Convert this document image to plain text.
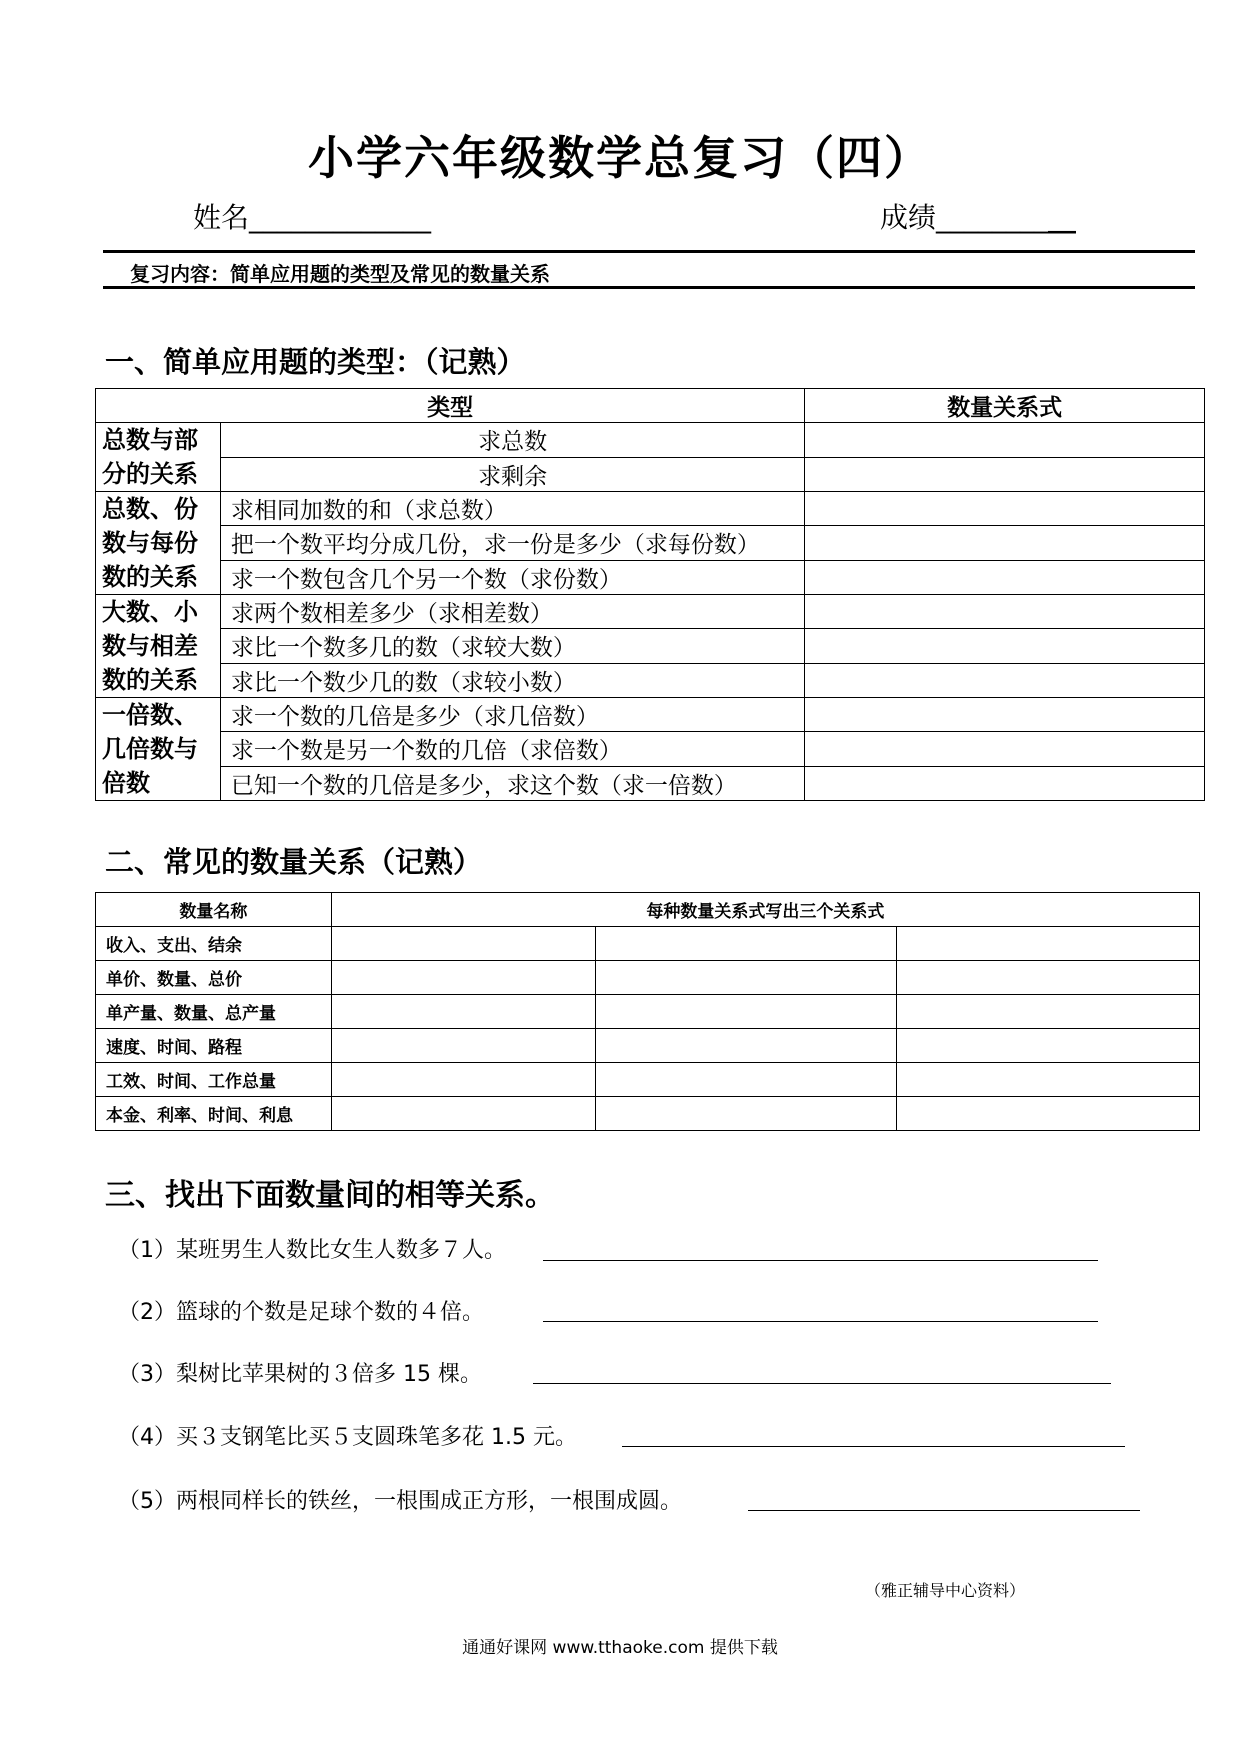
小学六年级数学总复习（四）
姓名_____________	成绩__________
复习内容：简单应用题的类型及常见的数量关系
一、简单应用题的类型：（记熟）
类型		数量关系式
总数与部分的关系	求总数	
	求剩余	
总数、份数与每份数的关系	求相同加数的和（求总数）	
	把一个数平均分成几份，求一份是多少（求每份数）	
	求一个数包含几个另一个数（求份数）	
大数、小数与相差数的关系	求两个数相差多少（求相差数）	
	求比一个数多几的数（求较大数）	
	求比一个数少几的数（求较小数）	
一倍数、几倍数与倍数	求一个数的几倍是多少（求几倍数）	
	求一个数是另一个数的几倍（求倍数）	
	已知一个数的几倍是多少，求这个数（求一倍数）	
二、常见的数量关系（记熟）
数量名称	每种数量关系式写出三个关系式		
收入、支出、结余			
单价、数量、总价			
单产量、数量、总产量			
速度、时间、路程			
工效、时间、工作总量			
本金、利率、时间、利息			
三、找出下面数量间的相等关系。
（1）某班男生人数比女生人数多７人。
（2）篮球的个数是足球个数的４倍。
（3）梨树比苹果树的３倍多 15 棵。
（4）买３支钢笔比买５支圆珠笔多花 1.5 元。
（5）两根同样长的铁丝，一根围成正方形，一根围成圆。
（雅正辅导中心资料）
通通好课网 www.tthaoke.com 提供下载
